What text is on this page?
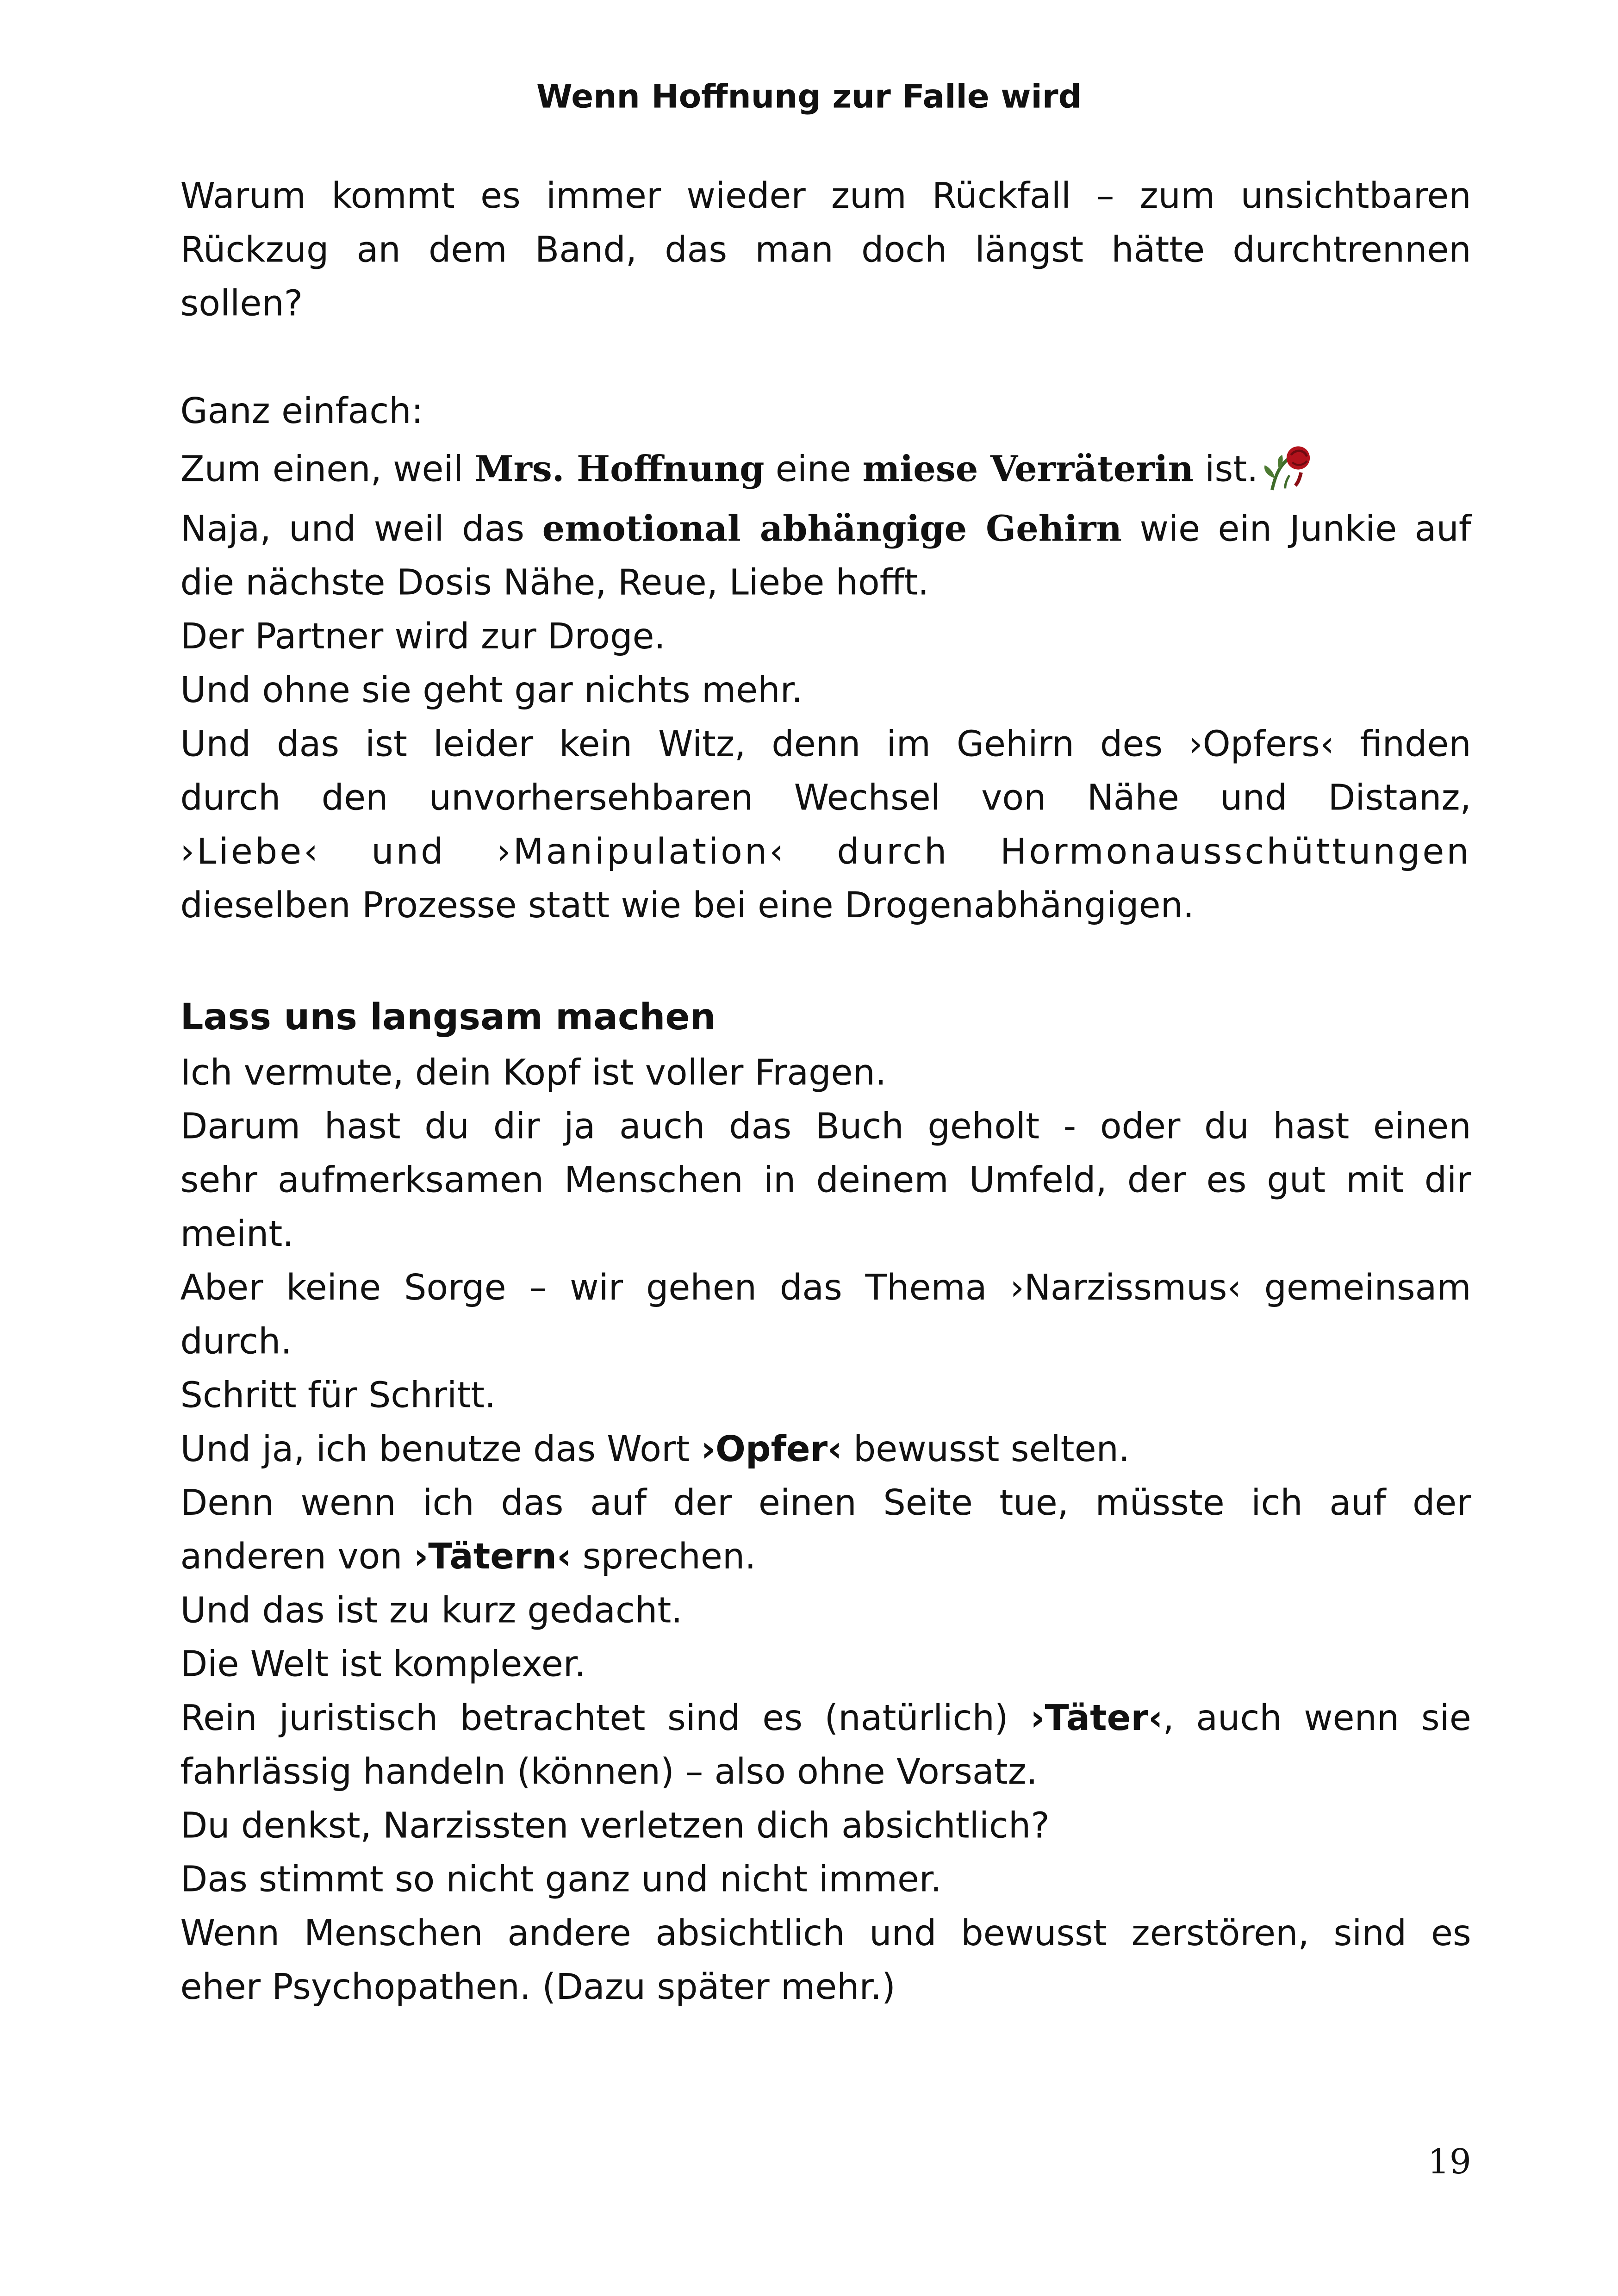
Wenn Hoffnung zur Falle wird

Warum kommt es immer wieder zum Rückfall – zum unsichtbaren

Rückzug an dem Band, das man doch längst hätte durchtrennen

sollen?

Ganz einfach:

Zum einen, weil Mrs. Hoffnung eine miese Verräterin ist.

Naja, und weil das emotional abhängige Gehirn wie ein Junkie auf

die nächste Dosis Nähe, Reue, Liebe hofft.

Der Partner wird zur Droge.

Und ohne sie geht gar nichts mehr.

Und das ist leider kein Witz, denn im Gehirn des ›Opfers‹ finden

durch den unvorhersehbaren Wechsel von Nähe und Distanz,

›Liebe‹ und ›Manipulation‹ durch Hormonausschüttungen

dieselben Prozesse statt wie bei eine Drogenabhängigen.

Lass uns langsam machen

Ich vermute, dein Kopf ist voller Fragen.

Darum hast du dir ja auch das Buch geholt - oder du hast einen

sehr aufmerksamen Menschen in deinem Umfeld, der es gut mit dir

meint.

Aber keine Sorge – wir gehen das Thema ›Narzissmus‹ gemeinsam

durch.

Schritt für Schritt.

Und ja, ich benutze das Wort ›Opfer‹ bewusst selten.

Denn wenn ich das auf der einen Seite tue, müsste ich auf der

anderen von ›Tätern‹ sprechen.

Und das ist zu kurz gedacht.

Die Welt ist komplexer.

Rein juristisch betrachtet sind es (natürlich) ›Täter‹, auch wenn sie

fahrlässig handeln (können) – also ohne Vorsatz.

Du denkst, Narzissten verletzen dich absichtlich?

Das stimmt so nicht ganz und nicht immer.

Wenn Menschen andere absichtlich und bewusst zerstören, sind es

eher Psychopathen. (Dazu später mehr.)

19
